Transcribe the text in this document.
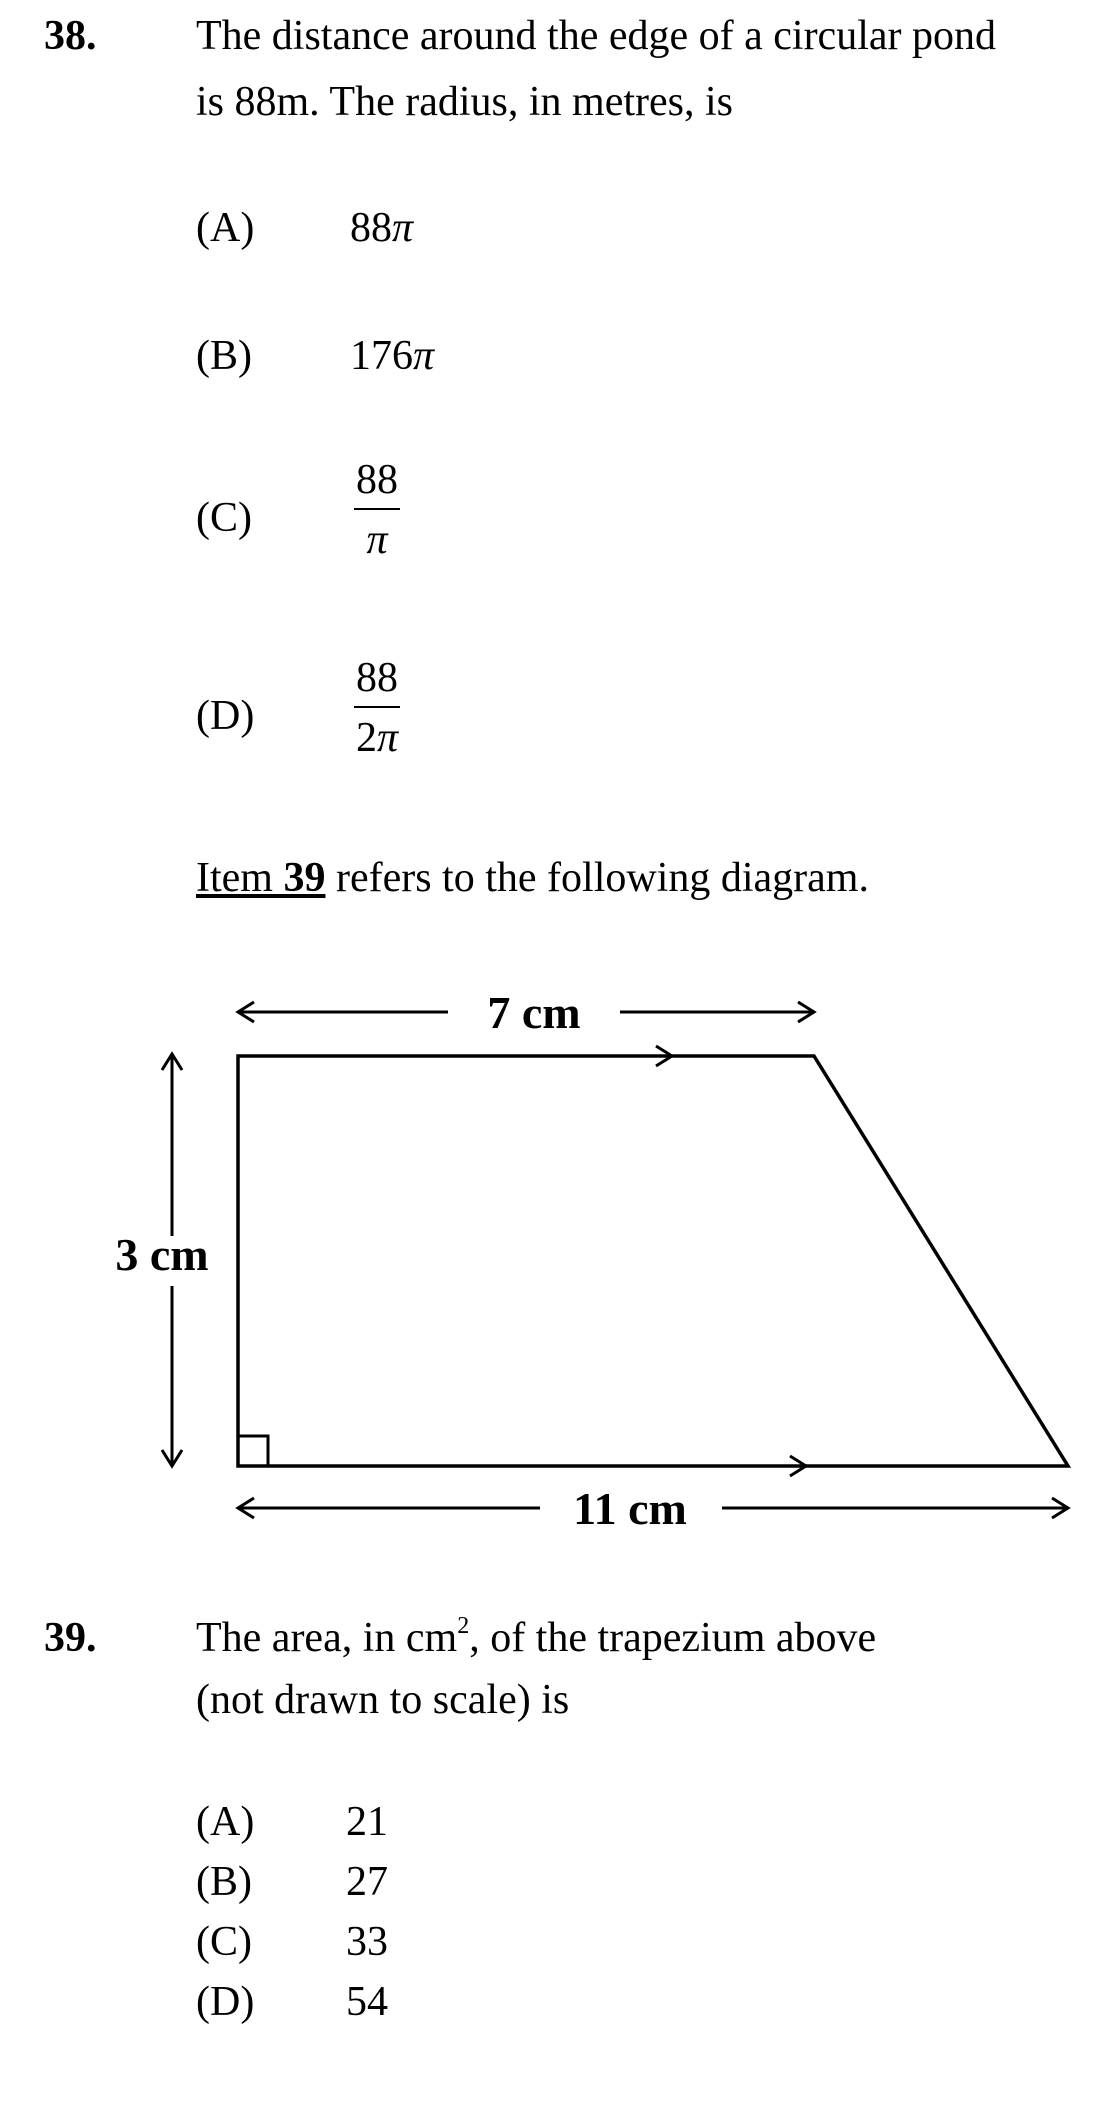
38. The distance around the edge of a circular pond
is 88m. The radius, in metres, is
(A) 88π
(B) 176π
(C)
88
π
(D)
88
2π
Item 39 refers to the following diagram.
7 cm
3 cm
11 cm
39. The area, in $cm^2$, of the trapezium above
(not drawn to scale) is
(A) 21
(B) 27
(C) 33
(D) 54
